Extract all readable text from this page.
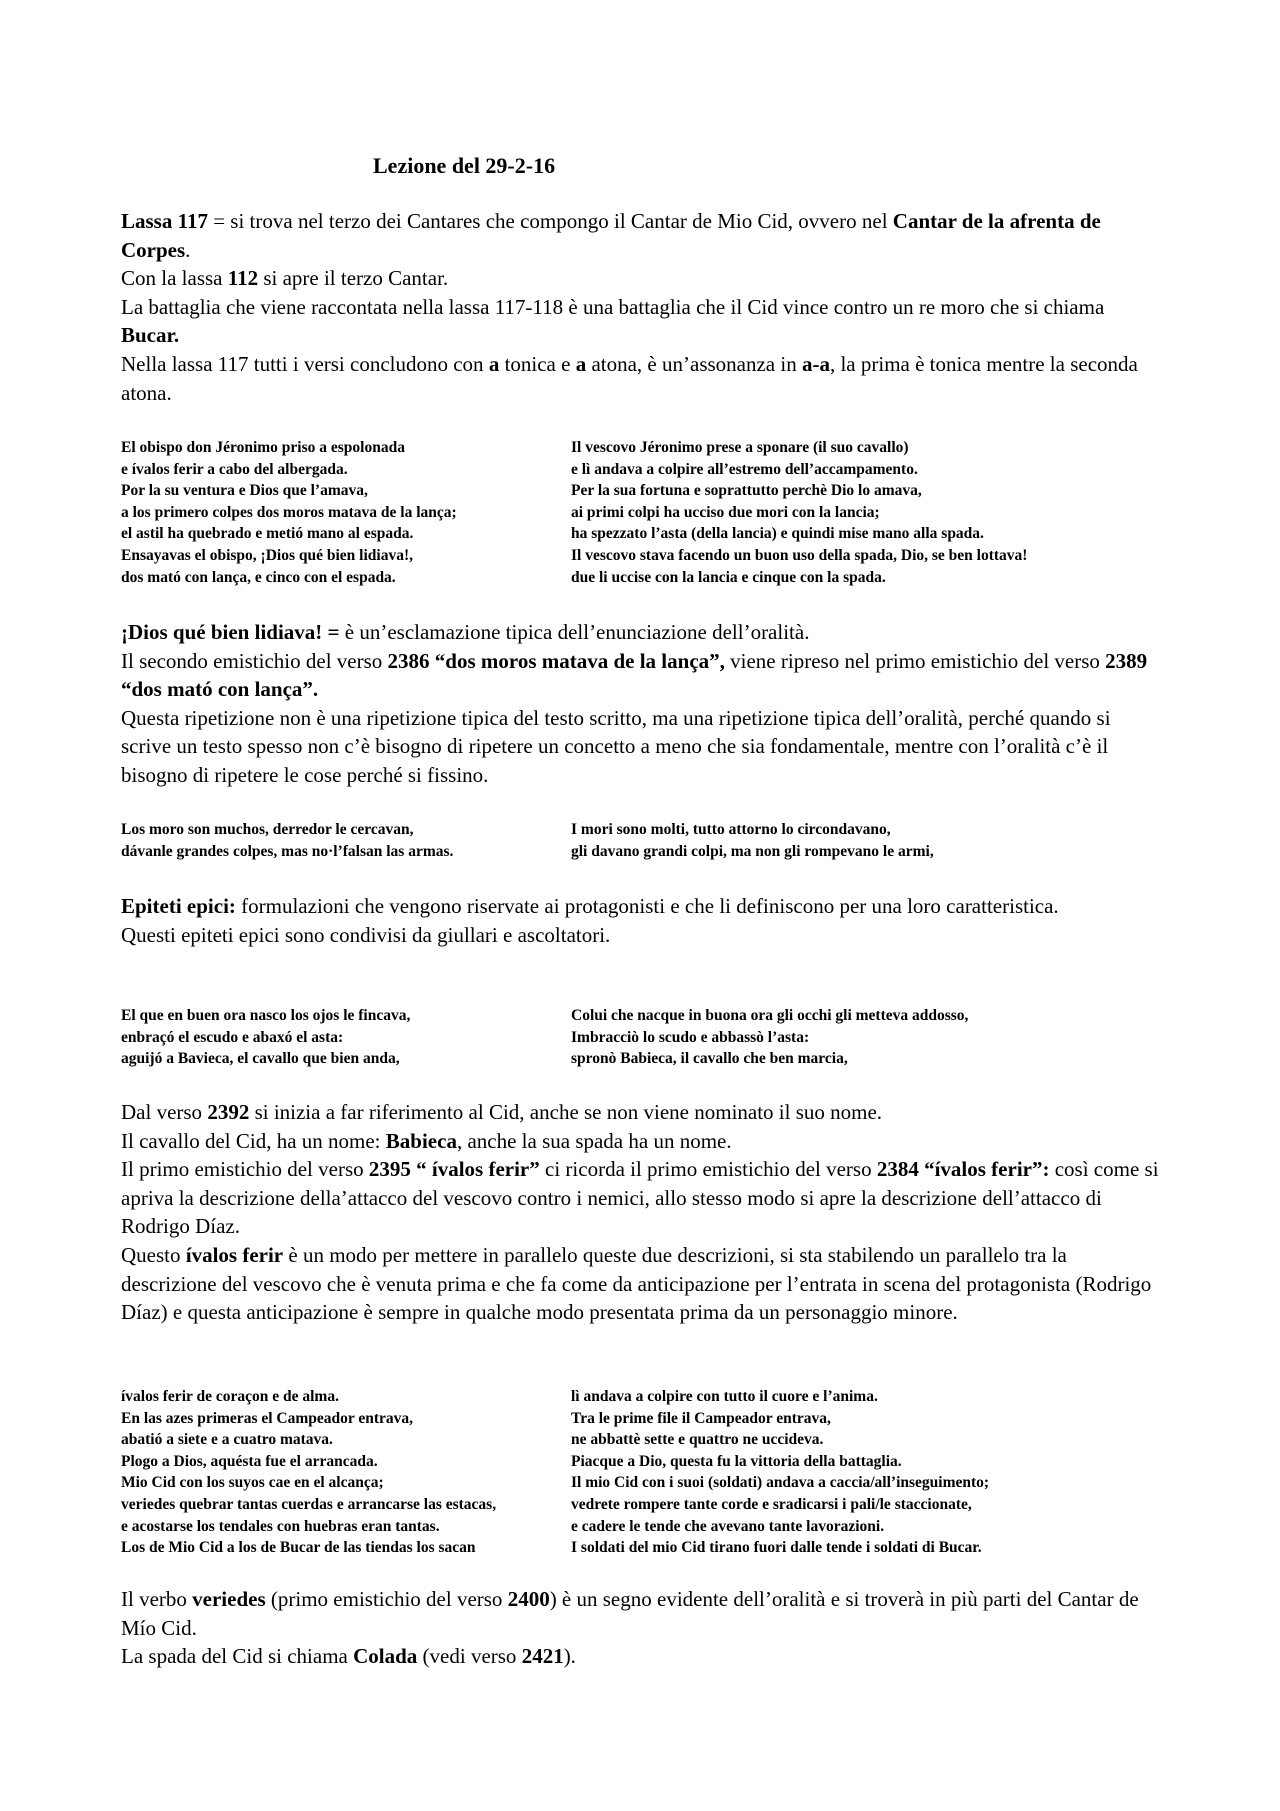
Lezione del 29-2-16

Lassa 117 = si trova nel terzo dei Cantares che compongo il Cantar de Mio Cid, ovvero nel Cantar de la afrenta de Corpes.

Con la lassa 112 si apre il terzo Cantar.

La battaglia che viene raccontata nella lassa 117-118 è una battaglia che il Cid vince contro un re moro che si chiama Bucar.

Nella lassa 117 tutti i versi concludono con a tonica e a atona, è un’assonanza in a-a, la prima è tonica mentre la seconda atona.

El obispo don Jéronimo priso a espolonada	Il vescovo Jéronimo prese a sponare (il suo cavallo)
e ívalos ferir a cabo del albergada.	e lì andava a colpire all’estremo dell’accampamento.
Por la su ventura e Dios que l’amava,	Per la sua fortuna e soprattutto perchè Dio lo amava,
a los primero colpes dos moros matava de la lança;	ai primi colpi ha ucciso due mori con la lancia;
el astil ha quebrado e metió mano al espada.	ha spezzato l’asta (della lancia) e quindi mise mano alla spada.
Ensayavas el obispo, ¡Dios qué bien lidiava!,	Il vescovo stava facendo un buon uso della spada, Dio, se ben lottava!
dos mató con lança, e cinco con el espada.	due li uccise con la lancia e cinque con la spada.

¡Dios qué bien lidiava! = è un’esclamazione tipica dell’enunciazione dell’oralità.

Il secondo emistichio del verso 2386 “dos moros matava de la lança”, viene ripreso nel primo emistichio del verso 2389 “dos mató con lança”.

Questa ripetizione non è una ripetizione tipica del testo scritto, ma una ripetizione tipica dell’oralità, perché quando si scrive un testo spesso non c’è bisogno di ripetere un concetto a meno che sia fondamentale, mentre con l’oralità c’è il bisogno di ripetere le cose perché si fissino.

Los moro son muchos, derredor le cercavan,	I mori sono molti, tutto attorno lo circondavano,
dávanle grandes colpes, mas no·l’falsan las armas.	gli davano grandi colpi, ma non gli rompevano le armi,

Epiteti epici: formulazioni che vengono riservate ai protagonisti e che li definiscono per una loro caratteristica.

Questi epiteti epici sono condivisi da giullari e ascoltatori.

El que en buen ora nasco los ojos le fincava,	Colui che nacque in buona ora gli occhi gli metteva addosso,
enbraçó el escudo e abaxó el asta:	Imbracciò lo scudo e abbassò l’asta:
aguijó a Bavieca, el cavallo que bien anda,	spronò Babieca, il cavallo che ben marcia,

Dal verso 2392 si inizia a far riferimento al Cid, anche se non viene nominato il suo nome.

Il cavallo del Cid, ha un nome: Babieca, anche la sua spada ha un nome.

Il primo emistichio del verso 2395 “ ívalos ferir” ci ricorda il primo emistichio del verso 2384 “ívalos ferir”: così come si apriva la descrizione della’attacco del vescovo contro i nemici, allo stesso modo si apre la descrizione dell’attacco di Rodrigo Díaz.

Questo ívalos ferir è un modo per mettere in parallelo queste due descrizioni, si sta stabilendo un parallelo tra la descrizione del vescovo che è venuta prima e che fa come da anticipazione per l’entrata in scena del protagonista (Rodrigo Díaz) e questa anticipazione è sempre in qualche modo presentata prima da un personaggio minore.

ívalos ferir de coraçon e de alma.	lì andava a colpire con tutto il cuore e l’anima.
En las azes primeras el Campeador entrava,	Tra le prime file il Campeador entrava,
abatió a siete e a cuatro matava.	ne abbattè sette e quattro ne uccideva.
Plogo a Dios, aquésta fue el arrancada.	Piacque a Dio, questa fu la vittoria della battaglia.
Mio Cid con los suyos cae en el alcança;	Il mio Cid con i suoi (soldati) andava a caccia/all’inseguimento;
veriedes quebrar tantas cuerdas e arrancarse las estacas,	vedrete rompere tante corde e sradicarsi i pali/le staccionate,
e acostarse los tendales con huebras eran tantas.	e cadere le tende che avevano tante lavorazioni.
Los de Mio Cid a los de Bucar de las tiendas los sacan	I soldati del mio Cid tirano fuori dalle tende i soldati di Bucar.

Il verbo veriedes (primo emistichio del verso 2400) è un segno evidente dell’oralità e si troverà in più parti del Cantar de Mío Cid.

La spada del Cid si chiama Colada (vedi verso 2421).
